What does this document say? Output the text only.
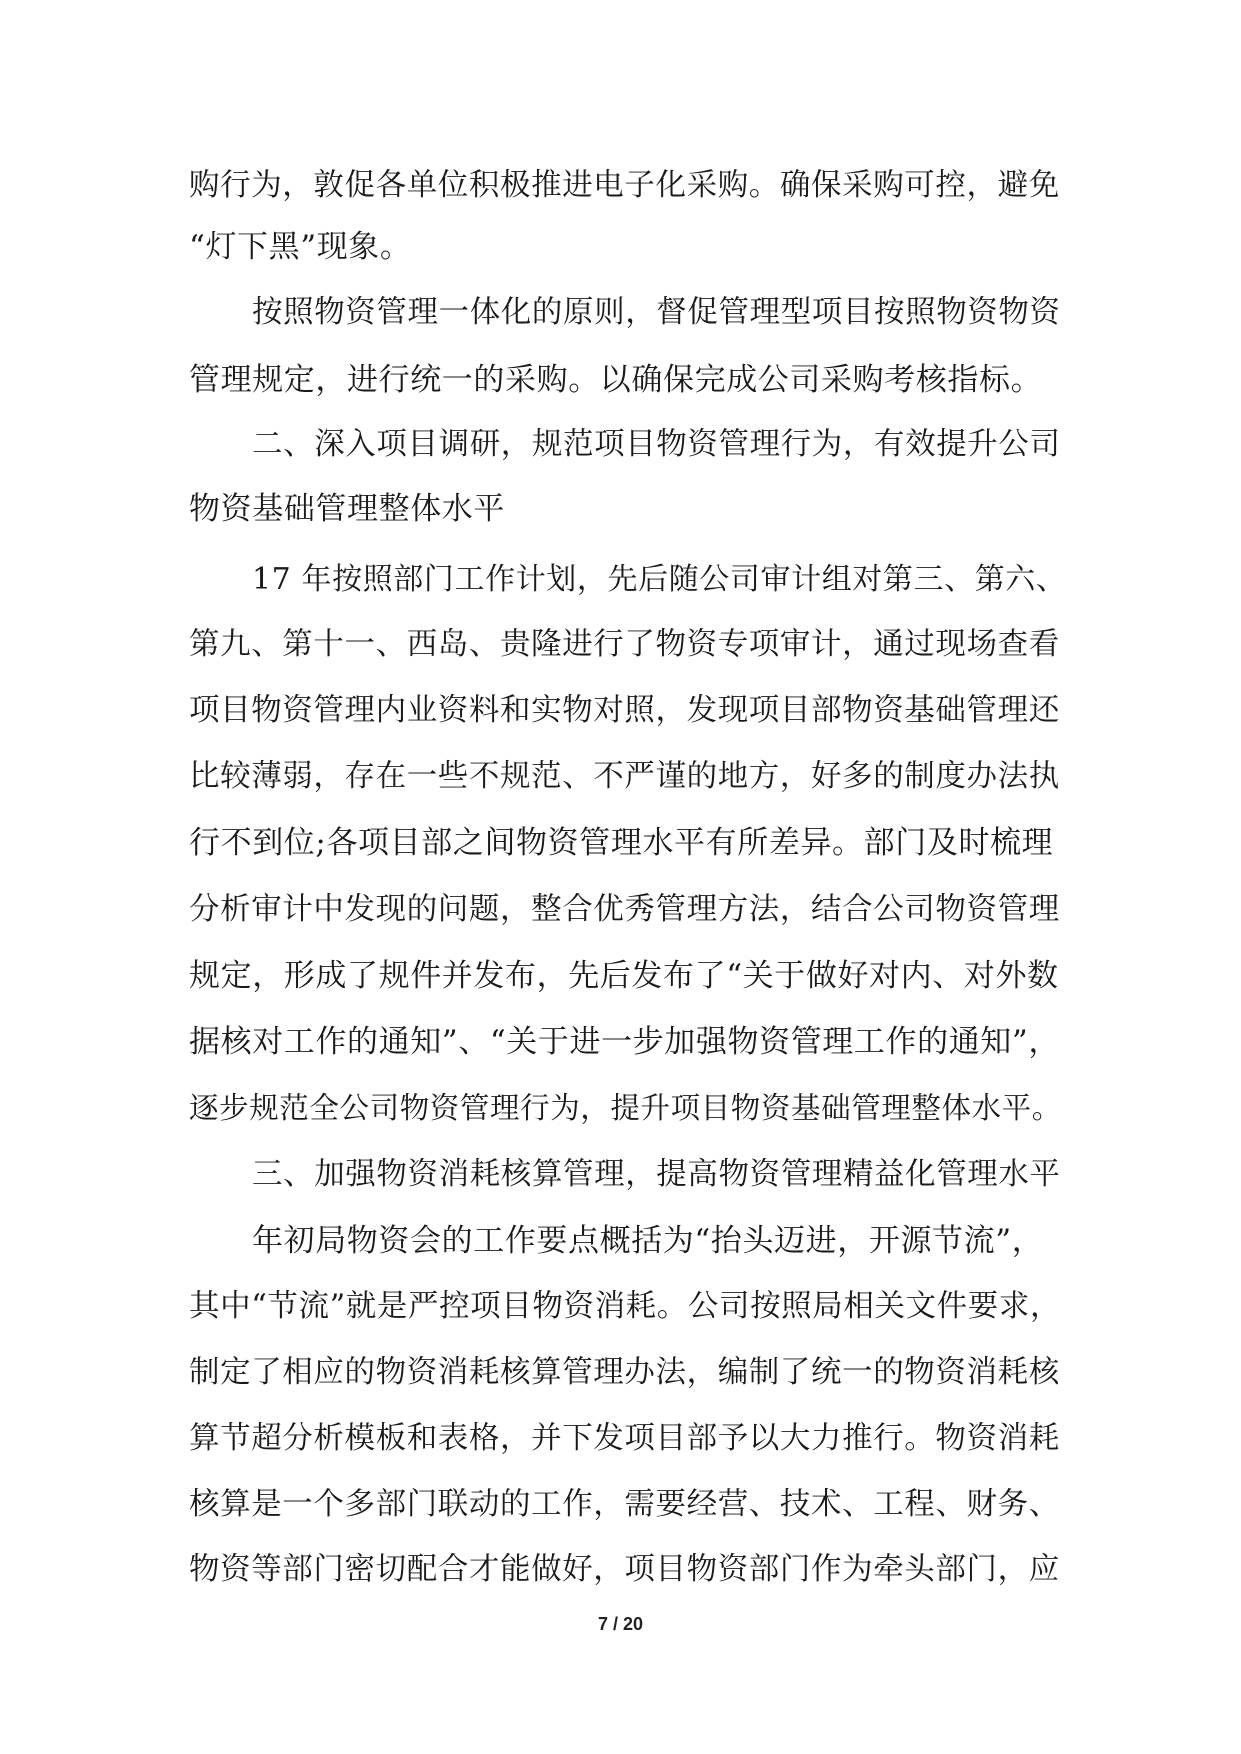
购行为，敦促各单位积极推进电子化采购。确保采购可控，避免
“灯下黑”现象。
按照物资管理一体化的原则，督促管理型项目按照物资物资
管理规定，进行统一的采购。以确保完成公司采购考核指标。
二、深入项目调研，规范项目物资管理行为，有效提升公司
物资基础管理整体水平
17 年按照部门工作计划，先后随公司审计组对第三、第六、
第九、第十一、西岛、贵隆进行了物资专项审计，通过现场查看
项目物资管理内业资料和实物对照，发现项目部物资基础管理还
比较薄弱，存在一些不规范、不严谨的地方，好多的制度办法执
行不到位;各项目部之间物资管理水平有所差异。部门及时梳理
分析审计中发现的问题，整合优秀管理方法，结合公司物资管理
规定，形成了规件并发布，先后发布了“关于做好对内、对外数
据核对工作的通知”、“关于进一步加强物资管理工作的通知”，
逐步规范全公司物资管理行为，提升项目物资基础管理整体水平。
三、加强物资消耗核算管理，提高物资管理精益化管理水平
年初局物资会的工作要点概括为“抬头迈进，开源节流”，
其中“节流”就是严控项目物资消耗。公司按照局相关文件要求，
制定了相应的物资消耗核算管理办法，编制了统一的物资消耗核
算节超分析模板和表格，并下发项目部予以大力推行。物资消耗
核算是一个多部门联动的工作，需要经营、技术、工程、财务、
物资等部门密切配合才能做好，项目物资部门作为牵头部门，应
7 / 20
